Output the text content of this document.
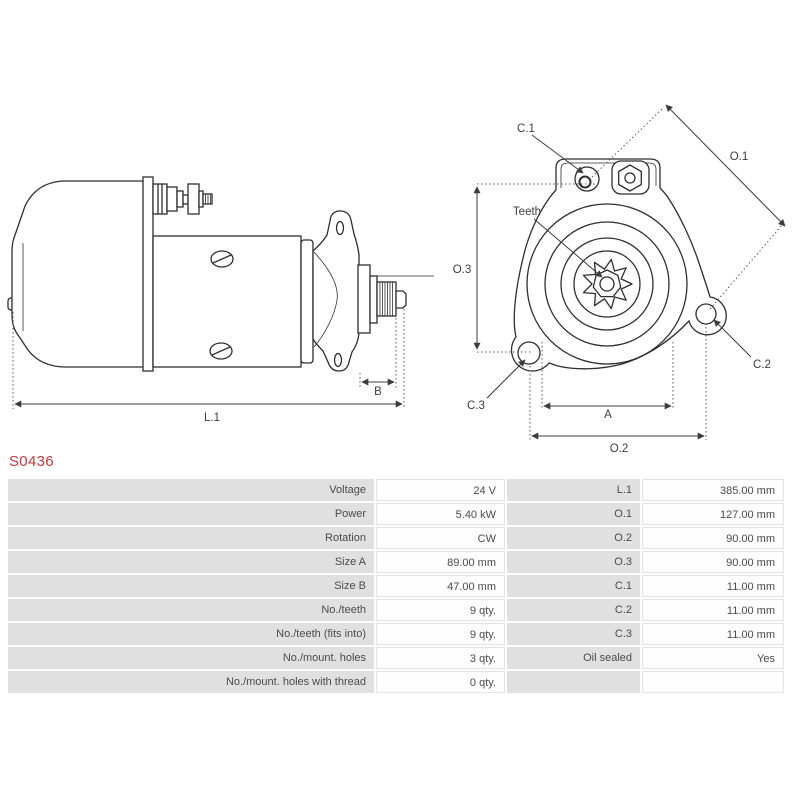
L.1
B
C.1
O.1
Teeth
O.3
C.3
A
C.2
O.2
S0436
Voltage	24 V	L.1	385.00 mm
Power	5.40 kW	O.1	127.00 mm
Rotation	CW	O.2	90.00 mm
Size A	89.00 mm	O.3	90.00 mm
Size B	47.00 mm	C.1	11.00 mm
No./teeth	9 qty.	C.2	11.00 mm
No./teeth (fits into)	9 qty.	C.3	11.00 mm
No./mount. holes	3 qty.	Oil sealed	Yes
No./mount. holes with thread	0 qty.
